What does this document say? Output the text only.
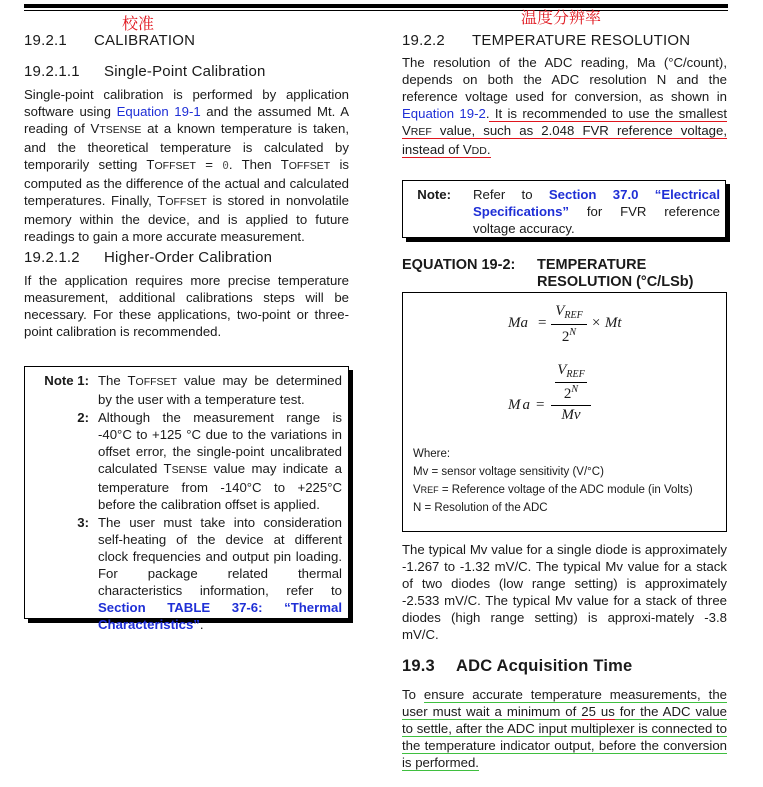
校准	温度分辨率
19.2.1 CALIBRATION
19.2.1.1 Single-Point Calibration
Single-point calibration is performed by application software using Equation 19-1 and the assumed Mt. A reading of VTSENSE at a known temperature is taken, and the theoretical temperature is calculated by temporarily setting TOFFSET = 0. Then TOFFSET is computed as the difference of the actual and calculated temperatures. Finally, TOFFSET is stored in nonvolatile memory within the device, and is applied to future readings to gain a more accurate measurement.
19.2.1.2 Higher-Order Calibration
If the application requires more precise temperature measurement, additional calibrations steps will be necessary. For these applications, two-point or three-point calibration is recommended.
Note 1: The TOFFSET value may be determined by the user with a temperature test.
2: Although the measurement range is -40°C to +125 °C due to the variations in offset error, the single-point uncalibrated calculated TSENSE value may indicate a temperature from -140°C to +225°C before the calibration offset is applied.
3: The user must take into consideration self-heating of the device at different clock frequencies and output pin loading. For package related thermal characteristics information, refer to Section TABLE 37-6: “Thermal Characteristics”.
19.2.2 TEMPERATURE RESOLUTION
The resolution of the ADC reading, Ma (°C/count), depends on both the ADC resolution N and the reference voltage used for conversion, as shown in Equation 19-2. It is recommended to use the smallest VREF value, such as 2.048 FVR reference voltage, instead of VDD.
Note: Refer to Section 37.0 “Electrical Specifications” for FVR reference voltage accuracy.
EQUATION 19-2: TEMPERATURE
RESOLUTION (°C/LSb)
Ma =
$V_{REF}$
$2^N$
× Mt
Ma =
$V_{REF}$
$2^N$
Mv
Where:
Mv = sensor voltage sensitivity (V/°C)
VREF = Reference voltage of the ADC module (in Volts)
N = Resolution of the ADC
The typical Mv value for a single diode is approximately -1.267 to -1.32 mV/C. The typical Mv value for a stack of two diodes (low range setting) is approximately -2.533 mV/C. The typical Mv value for a stack of three diodes (high range setting) is approxi-mately -3.8 mV/C.
19.3 ADC Acquisition Time
To ensure accurate temperature measurements, the user must wait a minimum of 25 us for the ADC value to settle, after the ADC input multiplexer is connected to the temperature indicator output, before the conversion is performed.
